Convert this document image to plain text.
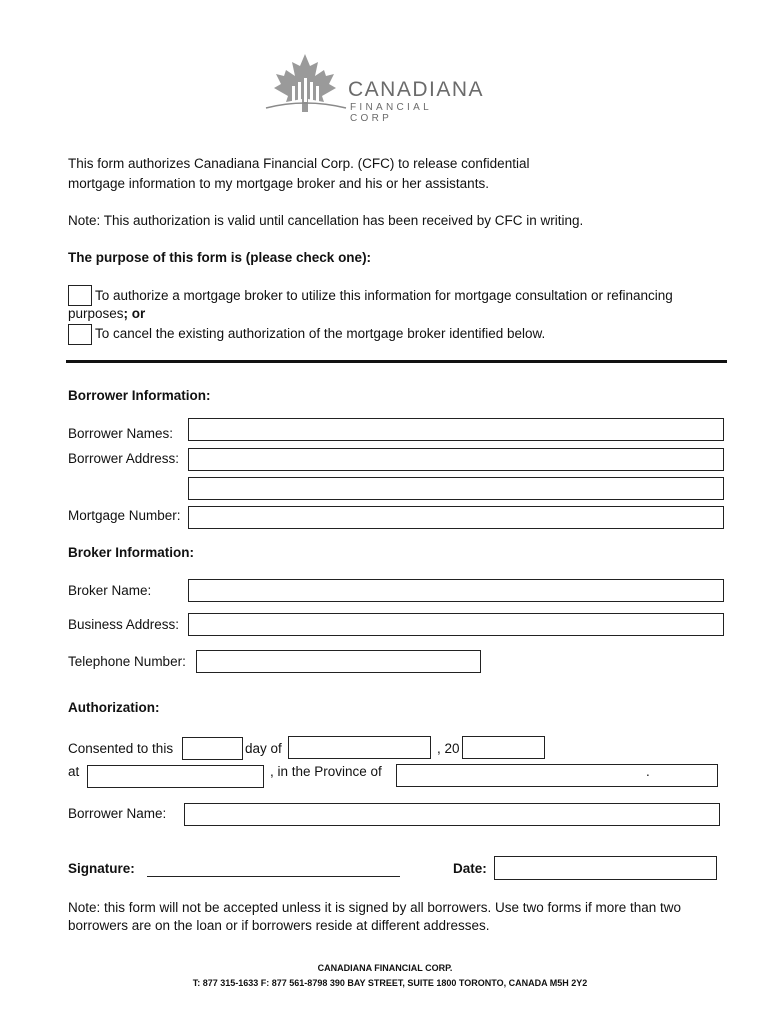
CANADIANA
FINANCIAL CORP
This form authorizes Canadiana Financial Corp. (CFC) to release confidential
mortgage information to my mortgage broker and his or her assistants.
Note: This authorization is valid until cancellation has been received by CFC in writing.
The purpose of this form is (please check one):
To authorize a mortgage broker to utilize this information for mortgage consultation or refinancing
purposes; or
To cancel the existing authorization of the mortgage broker identified below.
Borrower Information:
Borrower Names:
Borrower Address:
Mortgage Number:
Broker Information:
Broker Name:
Business Address:
Telephone Number:
Authorization:
Consented to this	day of	, 20
at	, in the Province of	.
Borrower Name:
Signature:	Date:
Note: this form will not be accepted unless it is signed by all borrowers. Use two forms if more than two
borrowers are on the loan or if borrowers reside at different addresses.
CANADIANA FINANCIAL CORP.
T: 877 315-1633 F: 877 561-8798 390 BAY STREET, SUITE 1800 TORONTO, CANADA M5H 2Y2
